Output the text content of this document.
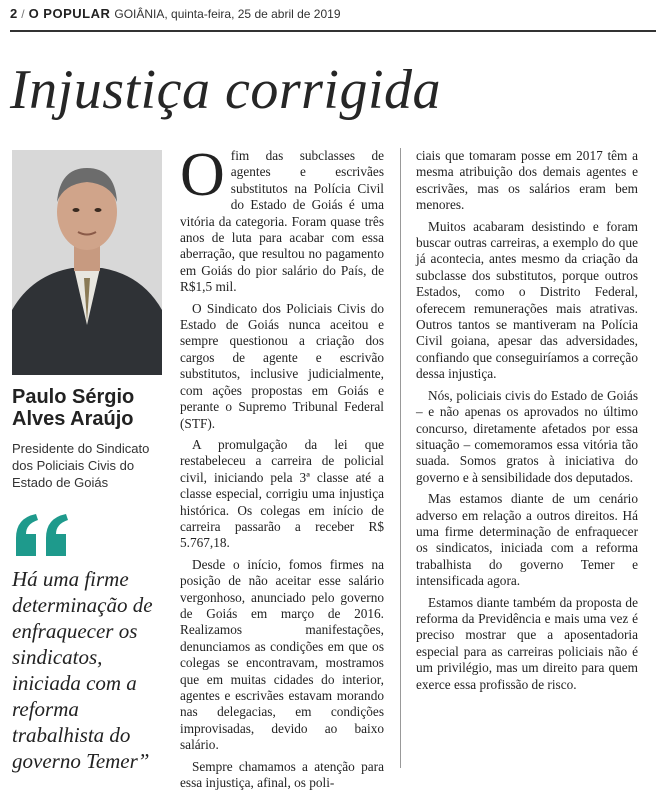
2 / O POPULAR GOIÂNIA, quinta-feira, 25 de abril de 2019
Injustiça corrigida

Paulo Sérgio Alves Araújo

Presidente do Sindicato dos Policiais Civis do Estado de Goiás

Há uma firme determinação de enfraquecer os sindicatos, iniciada com a reforma trabalhista do governo Temer”

Ofim das subclasses de agentes e escrivães substitutos na Polícia Civil do Estado de Goiás é uma vitória da categoria. Foram quase três anos de luta para acabar com essa aberração, que resultou no pagamento em Goiás do pior salário do País, de R$1,5 mil.

O Sindicato dos Policiais Civis do Estado de Goiás nunca aceitou e sempre questionou a criação dos cargos de agente e escrivão substitutos, inclusive judicialmente, com ações propostas em Goiás e perante o Supremo Tribunal Federal (STF).

A promulgação da lei que restabeleceu a carreira de policial civil, iniciando pela 3ª classe até a classe especial, corrigiu uma injustiça histórica. Os colegas em início de carreira passarão a receber R$ 5.767,18.

Desde o início, fomos firmes na posição de não aceitar esse salário vergonhoso, anunciado pelo governo de Goiás em março de 2016. Realizamos manifestações, denunciamos as condições em que os colegas se encontravam, mostramos que em muitas cidades do interior, agentes e escrivães estavam morando nas delegacias, em condições improvisadas, devido ao baixo salário.

Sempre chamamos a atenção para essa injustiça, afinal, os poli-

ciais que tomaram posse em 2017 têm a mesma atribuição dos demais agentes e escrivães, mas os salários eram bem menores.

Muitos acabaram desistindo e foram buscar outras carreiras, a exemplo do que já acontecia, antes mesmo da criação da subclasse dos substitutos, porque outros Estados, como o Distrito Federal, oferecem remunerações mais atrativas. Outros tantos se mantiveram na Polícia Civil goiana, apesar das adversidades, confiando que conseguiríamos a correção dessa injustiça.

Nós, policiais civis do Estado de Goiás – e não apenas os aprovados no último concurso, diretamente afetados por essa situação – comemoramos essa vitória tão suada. Somos gratos à iniciativa do governo e à sensibilidade dos deputados.

Mas estamos diante de um cenário adverso em relação a outros direitos. Há uma firme determinação de enfraquecer os sindicatos, iniciada com a reforma trabalhista do governo Temer e intensificada agora.

Estamos diante também da proposta de reforma da Previdência e mais uma vez é preciso mostrar que a aposentadoria especial para as carreiras policiais não é um privilégio, mas um direito para quem exerce essa profissão de risco.
